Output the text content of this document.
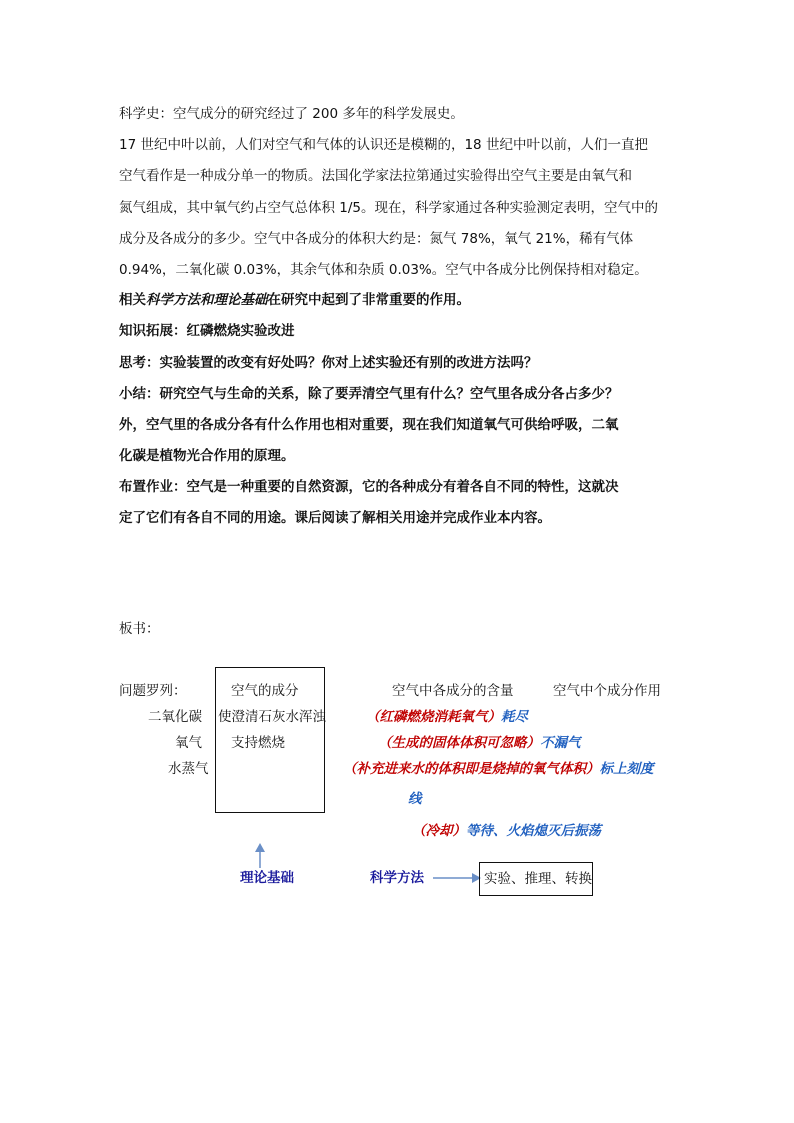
科学史：空气成分的研究经过了 200 多年的科学发展史。
17 世纪中叶以前，人们对空气和气体的认识还是模糊的，18 世纪中叶以前，人们一直把
空气看作是一种成分单一的物质。法国化学家法拉第通过实验得出空气主要是由氧气和
氮气组成，其中氧气约占空气总体积 1/5。现在，科学家通过各种实验测定表明，空气中的
成分及各成分的多少。空气中各成分的体积大约是：氮气 78%，氧气 21%，稀有气体
0.94%，二氧化碳 0.03%，其余气体和杂质 0.03%。空气中各成分比例保持相对稳定。
相关科学方法和理论基础在研究中起到了非常重要的作用。
知识拓展：红磷燃烧实验改进
思考：实验装置的改变有好处吗？你对上述实验还有别的改进方法吗？
小结：研究空气与生命的关系，除了要弄清空气里有什么？空气里各成分各占多少？
外，空气里的各成分各有什么作用也相对重要，现在我们知道氧气可供给呼吸，二氧
化碳是植物光合作用的原理。
布置作业：空气是一种重要的自然资源，它的各种成分有着各自不同的特性，这就决
定了它们有各自不同的用途。课后阅读了解相关用途并完成作业本内容。
板书：
问题罗列：	空气的成分	空气中各成分的含量	空气中个成分作用
二氧化碳 使澄清石灰水浑浊	（红磷燃烧消耗氧气）耗尽
氧气 支持燃烧	（生成的固体体积可忽略）不漏气
水蒸气	（补充进来水的体积即是烧掉的氧气体积）标上刻度
线
（冷却）等待、火焰熄灭后振荡
理论基础	科学方法	实验、推理、转换
